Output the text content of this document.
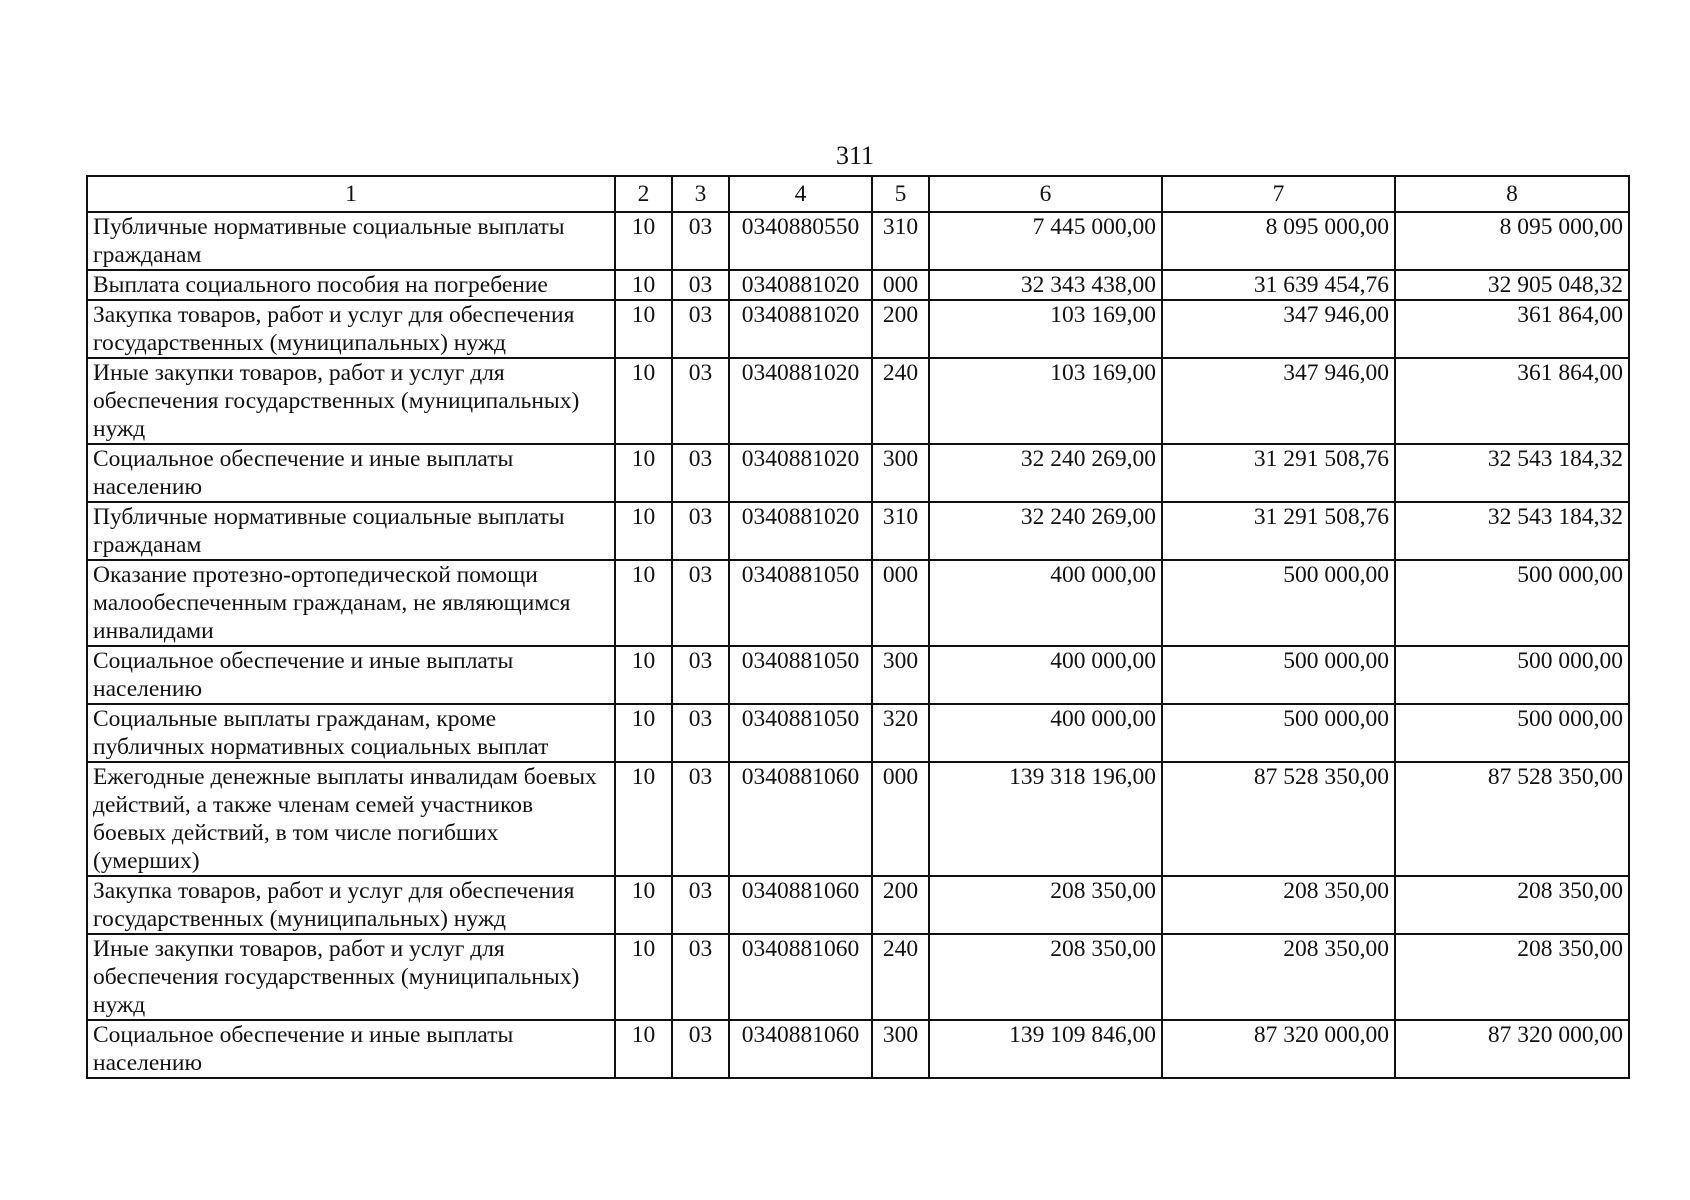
311
1	2	3	4	5	6	7	8
Публичные нормативные социальные выплаты гражданам	10	03	0340880550	310	7 445 000,00	8 095 000,00	8 095 000,00
Выплата социального пособия на погребение	10	03	0340881020	000	32 343 438,00	31 639 454,76	32 905 048,32
Закупка товаров, работ и услуг для обеспечения государственных (муниципальных) нужд	10	03	0340881020	200	103 169,00	347 946,00	361 864,00
Иные закупки товаров, работ и услуг для обеспечения государственных (муниципальных) нужд	10	03	0340881020	240	103 169,00	347 946,00	361 864,00
Социальное обеспечение и иные выплаты населению	10	03	0340881020	300	32 240 269,00	31 291 508,76	32 543 184,32
Публичные нормативные социальные выплаты гражданам	10	03	0340881020	310	32 240 269,00	31 291 508,76	32 543 184,32
Оказание протезно-ортопедической помощи малообеспеченным гражданам, не являющимся инвалидами	10	03	0340881050	000	400 000,00	500 000,00	500 000,00
Социальное обеспечение и иные выплаты населению	10	03	0340881050	300	400 000,00	500 000,00	500 000,00
Социальные выплаты гражданам, кроме публичных нормативных социальных выплат	10	03	0340881050	320	400 000,00	500 000,00	500 000,00
Ежегодные денежные выплаты инвалидам боевых действий, а также членам семей участников боевых действий, в том числе погибших (умерших)	10	03	0340881060	000	139 318 196,00	87 528 350,00	87 528 350,00
Закупка товаров, работ и услуг для обеспечения государственных (муниципальных) нужд	10	03	0340881060	200	208 350,00	208 350,00	208 350,00
Иные закупки товаров, работ и услуг для обеспечения государственных (муниципальных) нужд	10	03	0340881060	240	208 350,00	208 350,00	208 350,00
Социальное обеспечение и иные выплаты населению	10	03	0340881060	300	139 109 846,00	87 320 000,00	87 320 000,00
